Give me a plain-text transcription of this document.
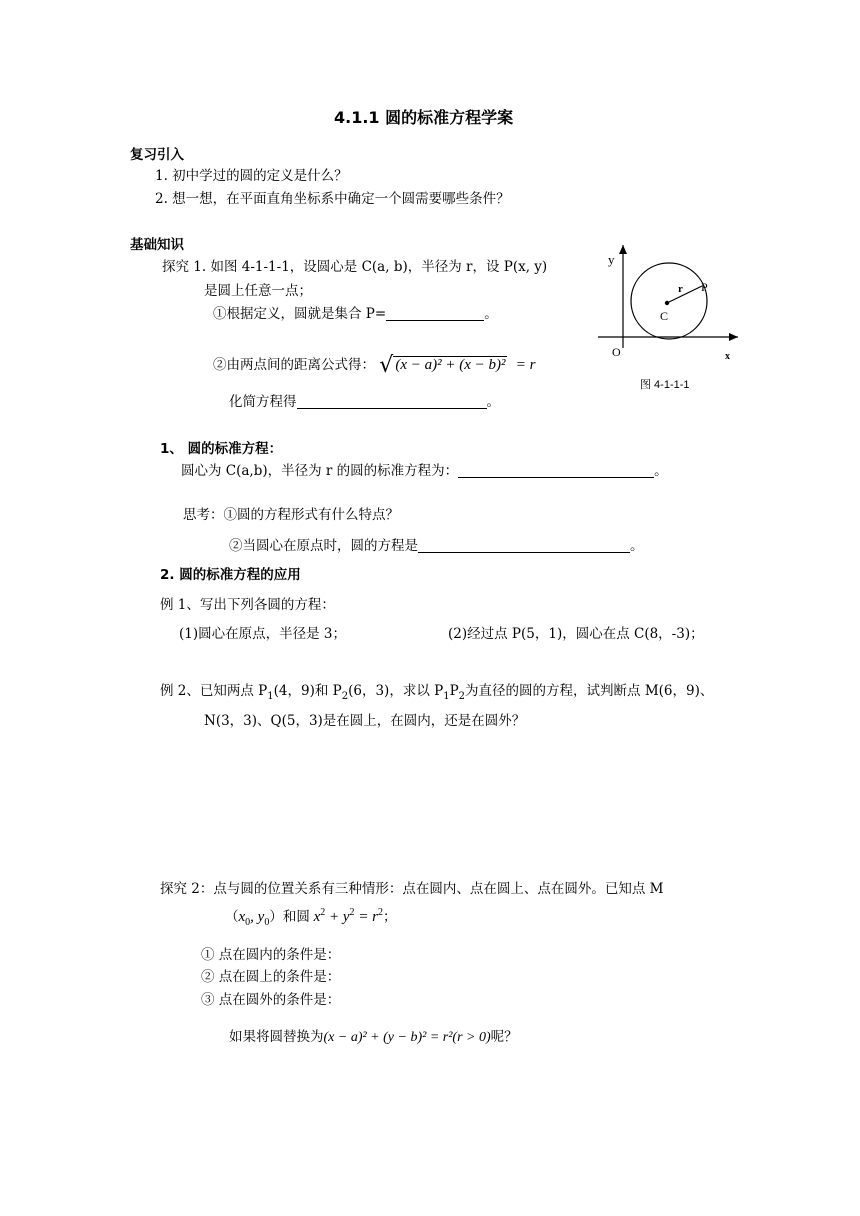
4.1.1 圆的标准方程学案
复习引入
1. 初中学过的圆的定义是什么？
2. 想一想，在平面直角坐标系中确定一个圆需要哪些条件？
基础知识
探究 1. 如图 4-1-1-1，设圆心是 C(a, b)，半径为 r，设 P(x, y)
是圆上任意一点；
①根据定义，圆就是集合 P=	。
②由两点间的距离公式得： √ (x − a)² + (x − b)² = r
化简方程得	。
y
x
O
C
P
r
图 4-1-1-1
1、 圆的标准方程：
圆心为 C(a,b)，半径为 r 的圆的标准方程为：	。
思考：①圆的方程形式有什么特点？
②当圆心在原点时，圆的方程是	。
2. 圆的标准方程的应用
例 1、写出下列各圆的方程：
(1)圆心在原点，半径是 3；	(2)经过点 P(5，1)，圆心在点 C(8，-3)；
例 2、已知两点 $P_1(4$，9)和 $P_2(6$，3)，求以 $P_1P_2$为直径的圆的方程，试判断点 M(6，9)、
N(3，3)、Q(5，3)是在圆上，在圆内，还是在圆外？
探究 2：点与圆的位置关系有三种情形：点在圆内、点在圆上、点在圆外。已知点 M
（$x_0$, $y_0$）和圆 $x^2 + y^2 = r^2$；
① 点在圆内的条件是：
② 点在圆上的条件是：
③ 点在圆外的条件是：
如果将圆替换为(x − a)² + (y − b)² = r²(r > 0)呢？
